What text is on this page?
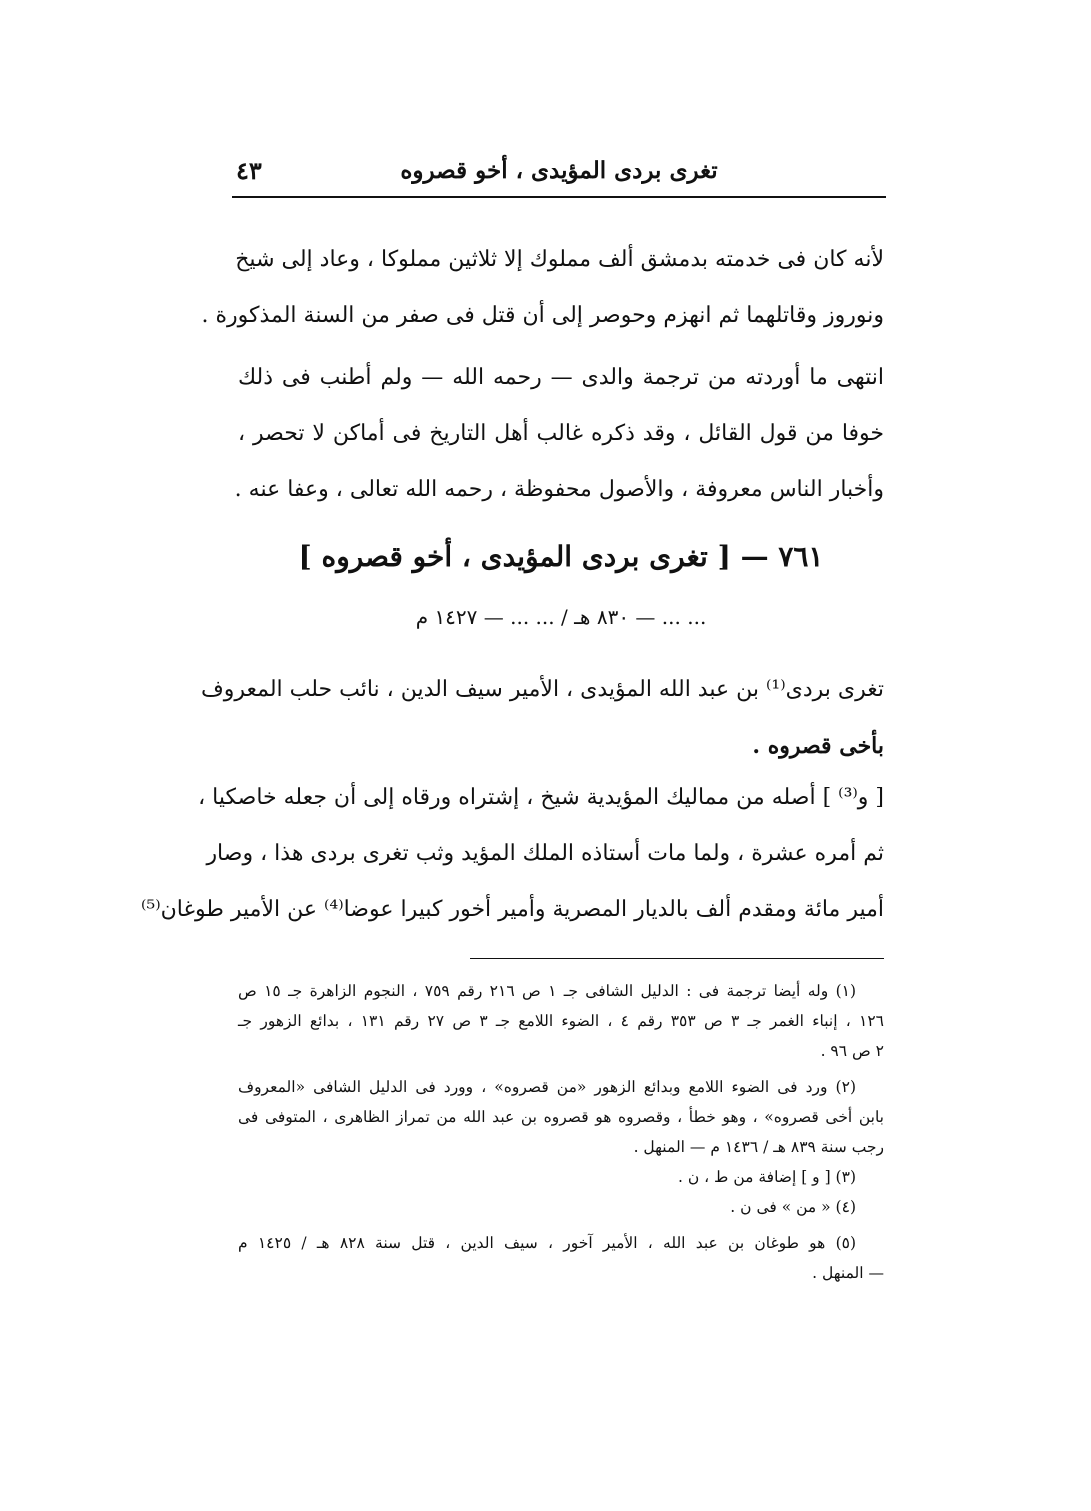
تغرى بردى المؤيدى ، أخو قصروه
٤٣
لأنه كان فى خدمته بدمشق ألف مملوك إلا ثلاثين مملوكا ، وعاد إلى شيخ
ونوروز وقاتلهما ثم انهزم وحوصر إلى أن قتل فى صفر من السنة المذكورة .
انتهى ما أوردته من ترجمة والدى — رحمه الله — ولم أطنب فى ذلك
خوفا من قول القائل ، وقد ذكره غالب أهل التاريخ فى أماكن لا تحصر ،
وأخبار الناس معروفة ، والأصول محفوظة ، رحمه الله تعالى ، وعفا عنه .
٧٦١ — [ تغرى بردى المؤيدى ، أخو قصروه ]
... ... — ٨٣٠ هـ / ... ... — ١٤٢٧ م
تغرى بردى⁽¹⁾ بن عبد الله المؤيدى ، الأمير سيف الدين ، نائب حلب المعروف
بأخى قصروه .
[ و⁽³⁾ ] أصله من مماليك المؤيدية شيخ ، إشتراه ورقاه إلى أن جعله خاصكيا ،
ثم أمره عشرة ، ولما مات أستاذه الملك المؤيد وثب تغرى بردى هذا ، وصار
أمير مائة ومقدم ألف بالديار المصرية وأمير أخور كبيرا عوضا⁽⁴⁾ عن الأمير طوغان⁽⁵⁾
(١) وله أيضا ترجمة فى : الدليل الشافى جـ ١ ص ٢١٦ رقم ٧٥٩ ، النجوم الزاهرة جـ ١٥ ص
١٢٦ ، إنباء الغمر جـ ٣ ص ٣٥٣ رقم ٤ ، الضوء اللامع جـ ٣ ص ٢٧ رقم ١٣١ ، بدائع الزهور جـ
٢ ص ٩٦ .
(٢) ورد فى الضوء اللامع وبدائع الزهور «من قصروه» ، وورد فى الدليل الشافى «المعروف
بابن أخى قصروه» ، وهو خطأ ، وقصروه هو قصروه بن عبد الله من تمراز الظاهرى ، المتوفى فى
رجب سنة ٨٣٩ هـ / ١٤٣٦ م — المنهل .
(٣) [ و ] إضافة من ط ، ن .
(٤) « من » فى ن .
(٥) هو طوغان بن عبد الله ، الأمير آخور ، سيف الدين ، قتل سنة ٨٢٨ هـ / ١٤٢٥ م
— المنهل .
